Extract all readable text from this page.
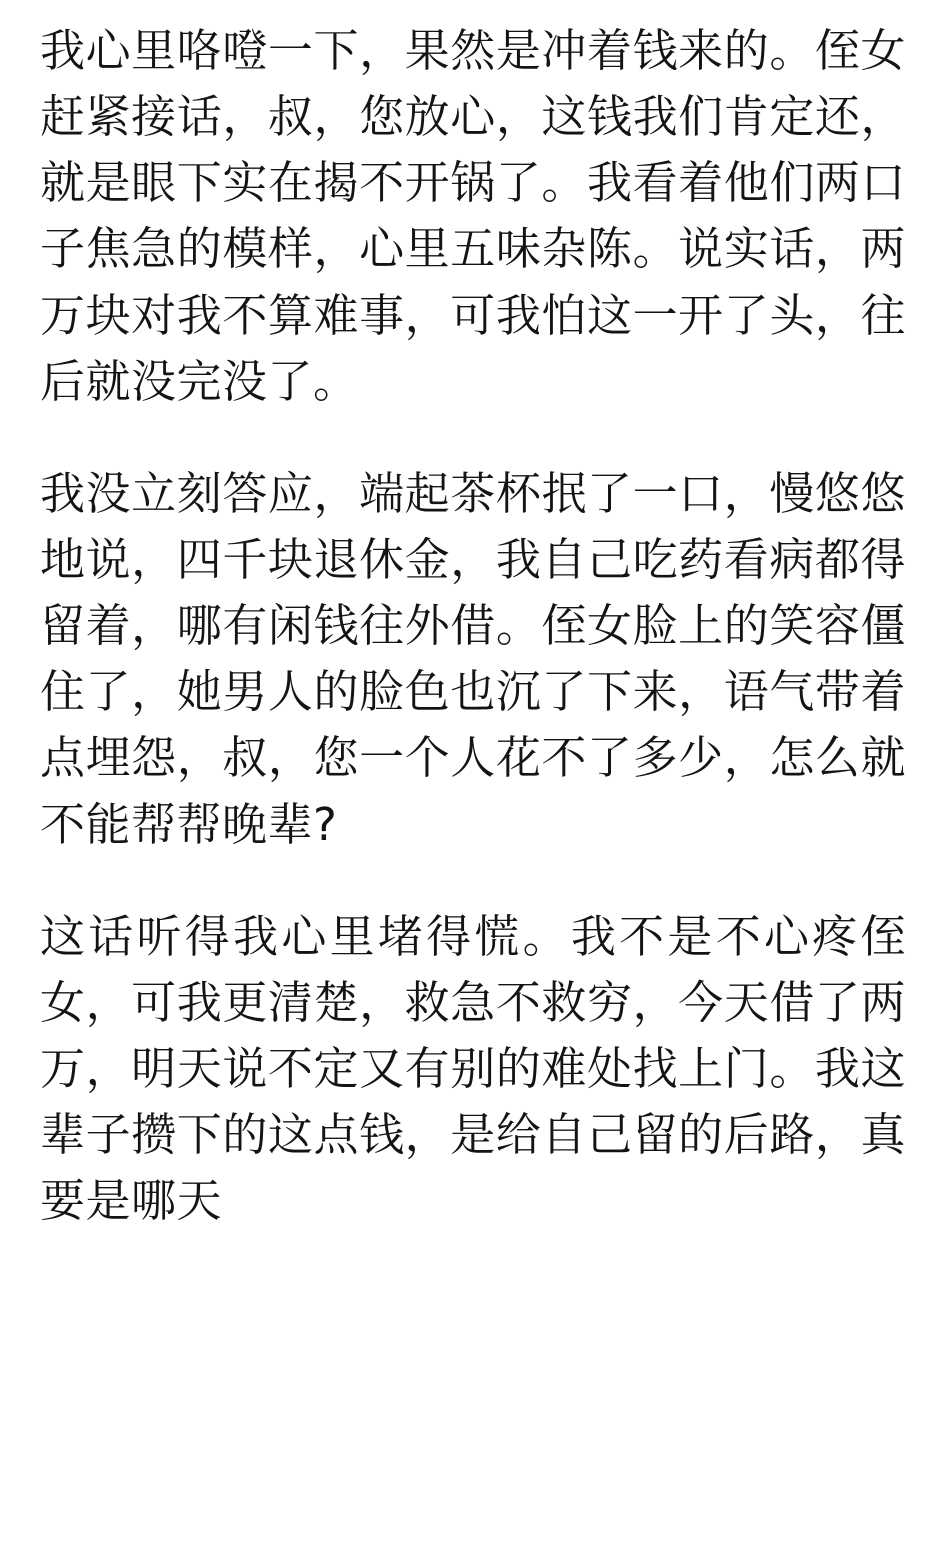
我心里咯噔一下，果然是冲着钱来的。侄女赶紧接话，叔，您放心，这钱我们肯定还，就是眼下实在揭不开锅了。我看着他们两口子焦急的模样，心里五味杂陈。说实话，两万块对我不算难事，可我怕这一开了头，往后就没完没了。

我没立刻答应，端起茶杯抿了一口，慢悠悠地说，四千块退休金，我自己吃药看病都得留着，哪有闲钱往外借。侄女脸上的笑容僵住了，她男人的脸色也沉了下来，语气带着点埋怨，叔，您一个人花不了多少，怎么就不能帮帮晚辈?

这话听得我心里堵得慌。我不是不心疼侄女，可我更清楚，救急不救穷，今天借了两万，明天说不定又有别的难处找上门。我这辈子攒下的这点钱，是给自己留的后路，真要是哪天
